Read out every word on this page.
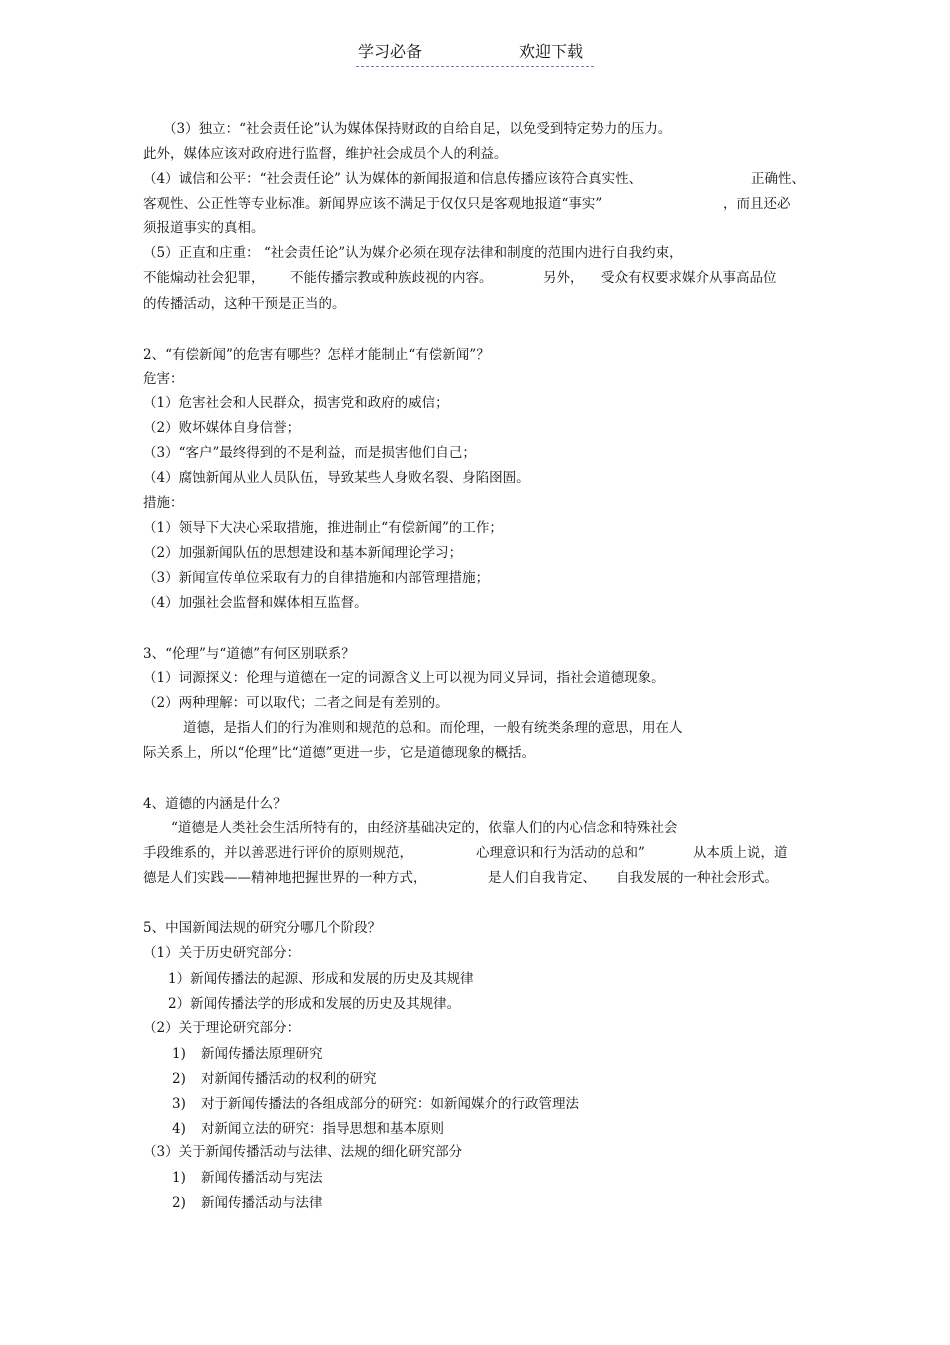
学习必备	欢迎下载
（3）独立：“社会责任论”认为媒体保持财政的自给自足，以免受到特定势力的压力。
此外，媒体应该对政府进行监督，维护社会成员个人的利益。
（4）诚信和公平：“社会责任论” 认为媒体的新闻报道和信息传播应该符合真实性、	正确性、
客观性、公正性等专业标准。新闻界应该不满足于仅仅只是客观地报道“事实”	，而且还必
须报道事实的真相。
（5）正直和庄重： “社会责任论”认为媒介必须在现存法律和制度的范围内进行自我约束，
不能煽动社会犯罪， 不能传播宗教或种族歧视的内容。	另外， 受众有权要求媒介从事高品位
的传播活动，这种干预是正当的。
2、“有偿新闻”的危害有哪些？怎样才能制止“有偿新闻”？
危害：
（1）危害社会和人民群众，损害党和政府的威信；
（2）败坏媒体自身信誉；
（3）“客户”最终得到的不是利益，而是损害他们自己；
（4）腐蚀新闻从业人员队伍，导致某些人身败名裂、身陷囹圄。
措施：
（1）领导下大决心采取措施，推进制止“有偿新闻”的工作；
（2）加强新闻队伍的思想建设和基本新闻理论学习；
（3）新闻宣传单位采取有力的自律措施和内部管理措施；
（4）加强社会监督和媒体相互监督。
3、“伦理”与“道德”有何区别联系？
（1）词源探义：伦理与道德在一定的词源含义上可以视为同义异词，指社会道德现象。
（2）两种理解：可以取代；二者之间是有差别的。
道德，是指人们的行为准则和规范的总和。而伦理，一般有统类条理的意思，用在人
际关系上，所以“伦理”比“道德”更进一步，它是道德现象的概括。
4、道德的内涵是什么？
“道德是人类社会生活所特有的，由经济基础决定的，依靠人们的内心信念和特殊社会
手段维系的，并以善恶进行评价的原则规范，	心理意识和行为活动的总和”	从本质上说，道
德是人们实践——精神地把握世界的一种方式，	是人们自我肯定、 自我发展的一种社会形式。
5、中国新闻法规的研究分哪几个阶段？
（1）关于历史研究部分：
1）新闻传播法的起源、形成和发展的历史及其规律
2）新闻传播法学的形成和发展的历史及其规律。
（2）关于理论研究部分：
1) 新闻传播法原理研究
2) 对新闻传播活动的权利的研究
3) 对于新闻传播法的各组成部分的研究：如新闻媒介的行政管理法
4) 对新闻立法的研究：指导思想和基本原则
（3）关于新闻传播活动与法律、法规的细化研究部分
1) 新闻传播活动与宪法
2) 新闻传播活动与法律
